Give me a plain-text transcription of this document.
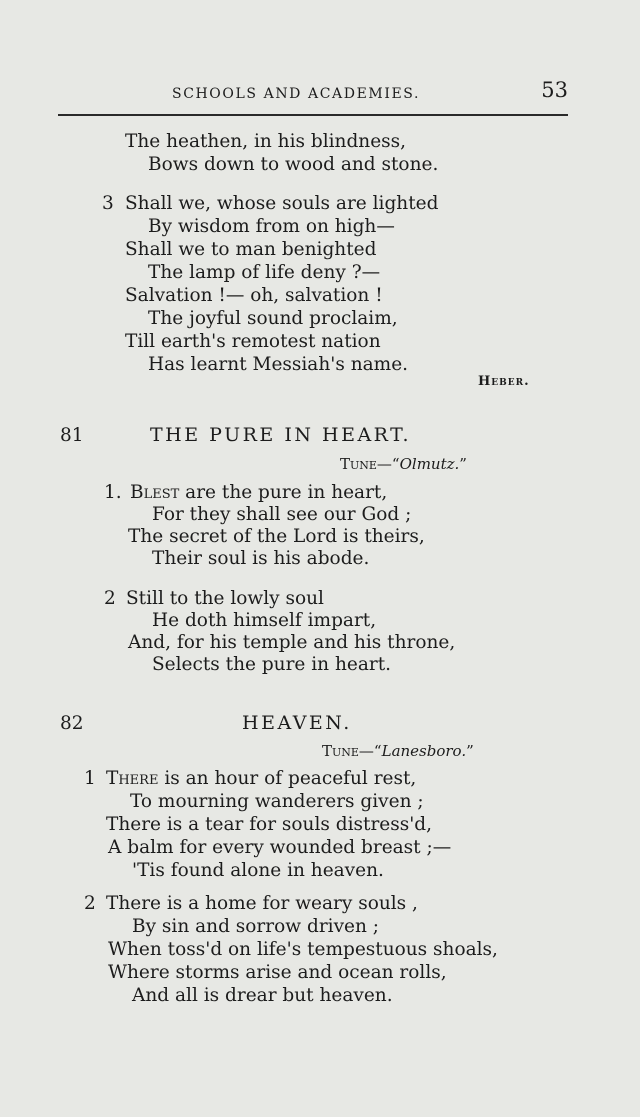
SCHOOLS AND ACADEMIES.	53
The heathen, in his blindness,
Bows down to wood and stone.
3 Shall we, whose souls are lighted
By wisdom from on high—
Shall we to man benighted
The lamp of life deny ?—
Salvation !— oh, salvation !
The joyful sound proclaim,
Till earth's remotest nation
Has learnt Messiah's name.
Heber.
81	THE PURE IN HEART.
Tune—“Olmutz.”
1. Blest are the pure in heart,
For they shall see our God ;
The secret of the Lord is theirs,
Their soul is his abode.
2 Still to the lowly soul
He doth himself impart,
And, for his temple and his throne,
Selects the pure in heart.
82	HEAVEN.
Tune—“Lanesboro.”
1 There is an hour of peaceful rest,
To mourning wanderers given ;
There is a tear for souls distress'd,
A balm for every wounded breast ;—
'Tis found alone in heaven.
2 There is a home for weary souls ,
By sin and sorrow driven ;
When toss'd on life's tempestuous shoals,
Where storms arise and ocean rolls,
And all is drear but heaven.
